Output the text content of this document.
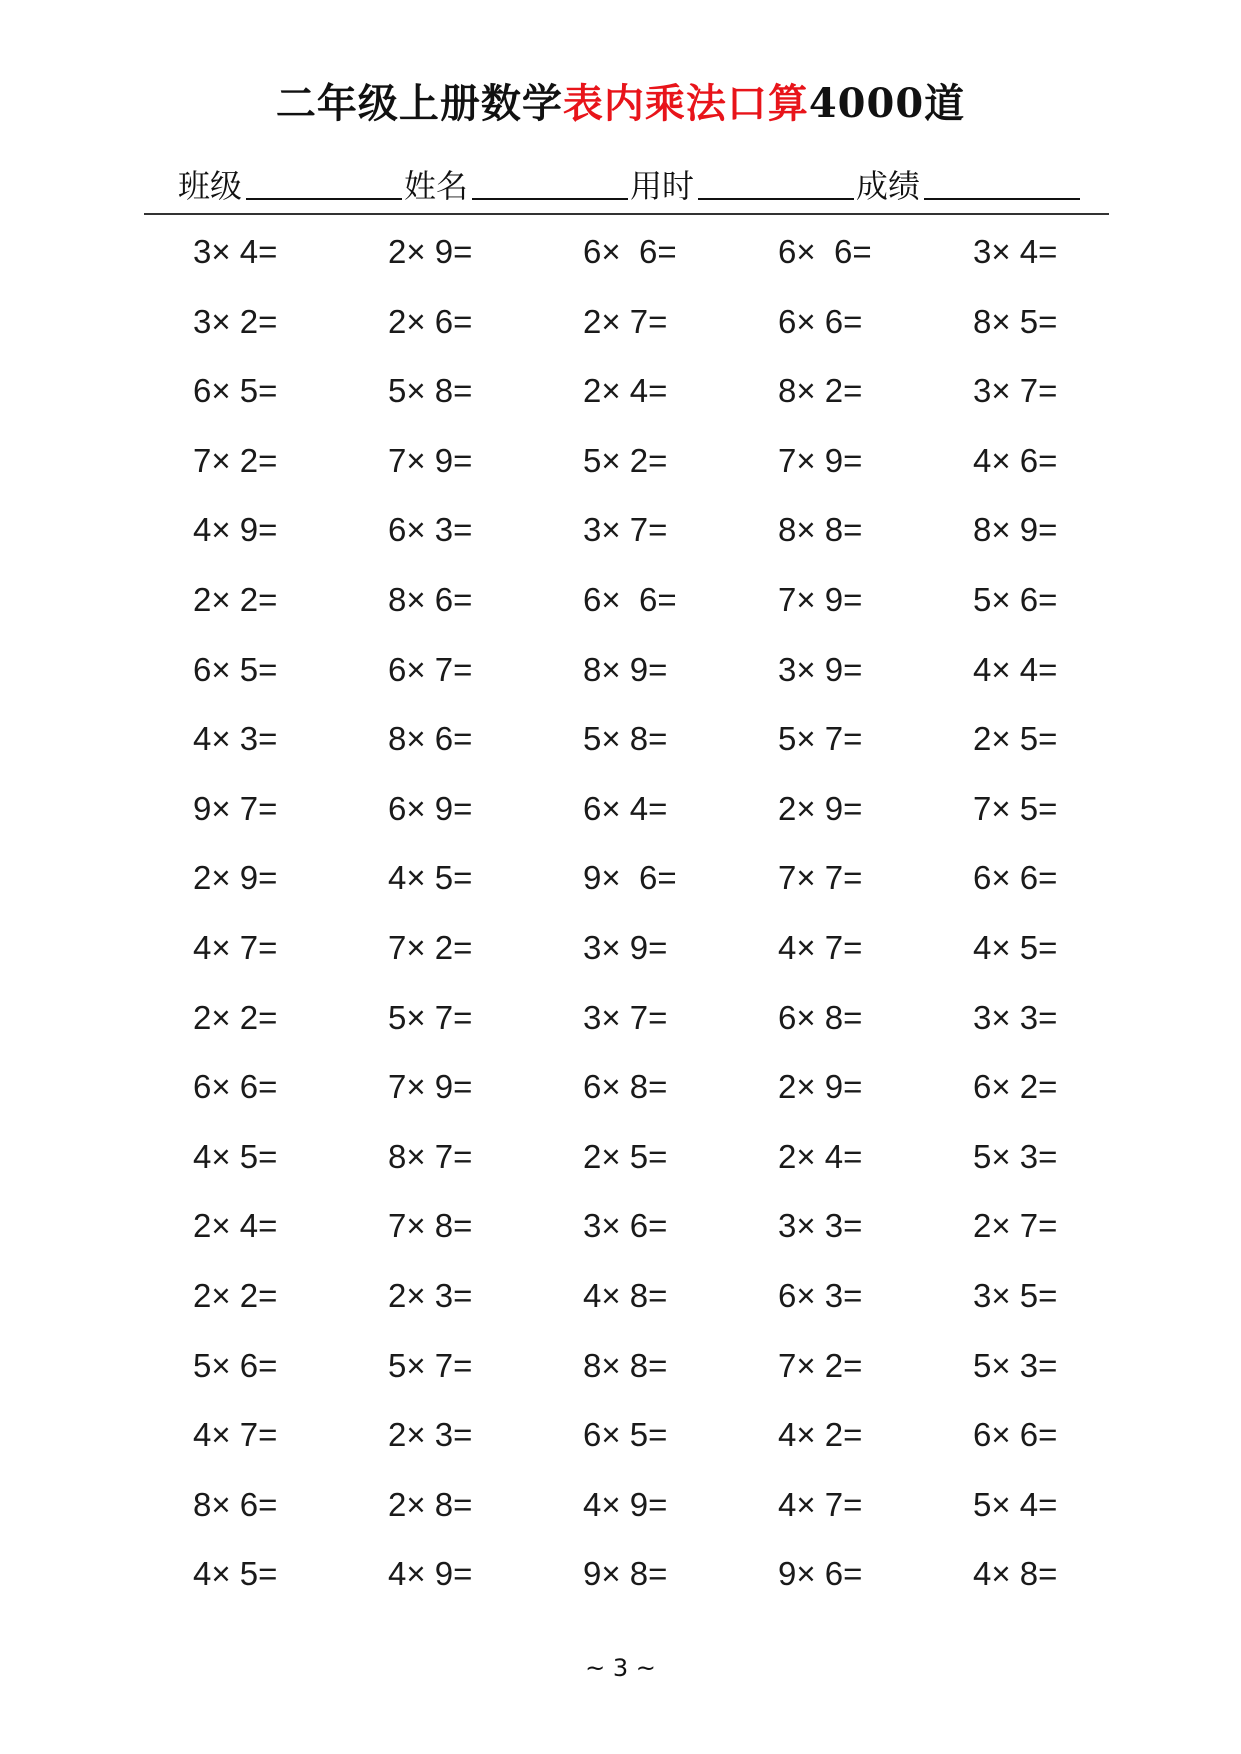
二年级上册数学表内乘法口算4000道
班级	姓名	用时	成绩
3× 4=	2× 9=	6×  6=	6×  6=	3× 4=
3× 2=	2× 6=	2× 7=	6× 6=	8× 5=
6× 5=	5× 8=	2× 4=	8× 2=	3× 7=
7× 2=	7× 9=	5× 2=	7× 9=	4× 6=
4× 9=	6× 3=	3× 7=	8× 8=	8× 9=
2× 2=	8× 6=	6×  6=	7× 9=	5× 6=
6× 5=	6× 7=	8× 9=	3× 9=	4× 4=
4× 3=	8× 6=	5× 8=	5× 7=	2× 5=
9× 7=	6× 9=	6× 4=	2× 9=	7× 5=
2× 9=	4× 5=	9×  6=	7× 7=	6× 6=
4× 7=	7× 2=	3× 9=	4× 7=	4× 5=
2× 2=	5× 7=	3× 7=	6× 8=	3× 3=
6× 6=	7× 9=	6× 8=	2× 9=	6× 2=
4× 5=	8× 7=	2× 5=	2× 4=	5× 3=
2× 4=	7× 8=	3× 6=	3× 3=	2× 7=
2× 2=	2× 3=	4× 8=	6× 3=	3× 5=
5× 6=	5× 7=	8× 8=	7× 2=	5× 3=
4× 7=	2× 3=	6× 5=	4× 2=	6× 6=
8× 6=	2× 8=	4× 9=	4× 7=	5× 4=
4× 5=	4× 9=	9× 8=	9× 6=	4× 8=
~ 3 ~
